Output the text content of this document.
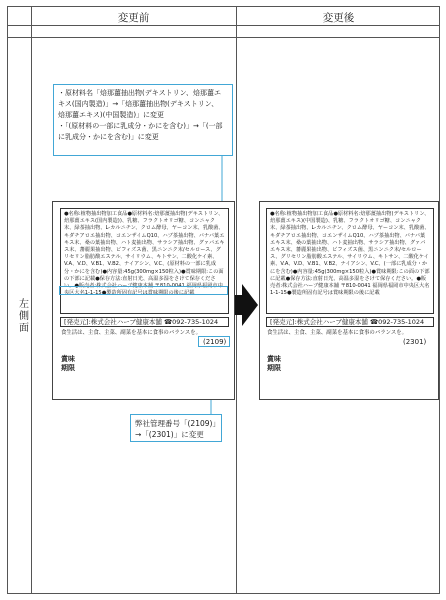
変更前	変更後
左側面
・原材料名「焙那薑抽出物(デキストリン、焙那薑エ
キス(国内製造)」→「焙那薑抽出物(デキストリン、
焙那薑エキス)(中国製造)」に変更
・「(原材料の一部に乳成分・かにを含む)」→「(一部
に乳成分・かにを含む)」に変更
●名称:植物抽出物加工食品●原材料名:焙那薑抽出物(デキストリン、焙那薑エキス(国内製造))、乳糖、フラクトオリゴ糖、コンニャク末、緑茶抽出物、L-カルニチン、クロム酵母、ヤーコン末、乳酸菌、キダチアロエ抽出物、コエンザイムQ10、ハブ茶抽出物、バナバ葉エキス末、桑の葉抽出物、ハト麦抽出物、サラシア抽出物、グァバエキス末、蕃麗果抽出物、ビフィズス菌、黒ニンニク末/セルロース、グリセリン脂肪酸エステル、サイリウム、キトサン、二酸化ケイ素、V.A、V.D、V.B1、V.B2、ナイアシン、V.C、(原材料の一部に乳成分・かにを含む)●内容量:45g(300mg×150粒入)●賞味期限:この面の下部に記載●保存方法:直射日光、高温多湿をさけて保存ください。●販売者:株式会社ハーブ健康本舗 〒810-0041 福岡県福岡市中央区大名1-1-15●製造所固有記号は賞味期限の後に記載
[発売元]:株式会社ハーブ健康本舗 ☎092-735-1024
食生活は、主食、主菜、副菜を基本に食事のバランスを。
(2109)
賞味
期限
●名称:植物抽出物加工食品●原材料名:焙那薑抽出物(デキストリン、焙那薑エキス)(中国製造)、乳糖、フラクトオリゴ糖、コンニャク末、緑茶抽出物、L-カルニチン、クロム酵母、ヤーコン末、乳酸菌、キダチアロエ抽出物、コエンザイムQ10、ハブ茶抽出物、バナバ葉エキス末、桑の葉抽出物、ハト麦抽出物、サラシア抽出物、グァバエキス末、蕃麗果抽出物、ビフィズス菌、黒ニンニク末/セルロース、グリセリン脂肪酸エステル、サイリウム、キトサン、二酸化ケイ素、V.A、V.D、V.B1、V.B2、ナイアシン、V.C、(一部に乳成分・かにを含む)●内容量:45g(300mg×150粒入)●賞味期限:この面の下部に記載●保存方法:直射日光、高温多湿をさけて保存ください。●販売者:株式会社ハーブ健康本舗 〒810-0041 福岡県福岡市中央区大名1-1-15●製造所固有記号は賞味期限の後に記載
[発売元]:株式会社ハーブ健康本舗 ☎092-735-1024
食生活は、主食、主菜、副菜を基本に食事のバランスを。
(2301)
賞味
期限
弊社管理番号「(2109)」
→「(2301)」に変更
